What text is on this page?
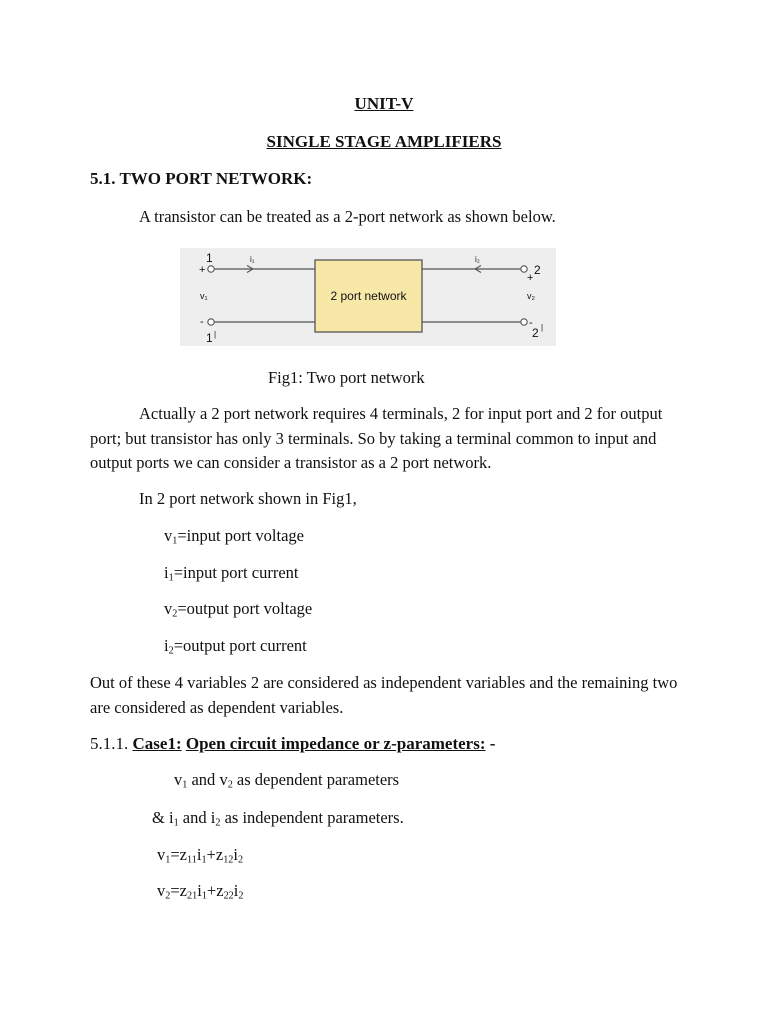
UNIT-V
SINGLE STAGE AMPLIFIERS
5.1. TWO PORT NETWORK:
A transistor can be treated as a 2-port network as shown below.
2 port network
1
+
v₁
-
1 |
i₁
2
+
v₂
-
2 |
i₂
Fig1: Two port network
Actually a 2 port network requires 4 terminals, 2 for input port and 2 for output port; but transistor has only 3 terminals. So by taking a terminal common to input and output ports we can consider a transistor as a 2 port network.
In 2 port network shown in Fig1,
$v_1=input$ port voltage
$i_1=input$ port current
$v_2=output$ port voltage
$i_2=output$ port current
Out of these 4 variables 2 are considered as independent variables and the remaining two are considered as dependent variables.
5.1.1. Case1: Open circuit impedance or z-parameters: -
$v_1$ and $v_2$ as dependent parameters
& $i_1$ and $i_2$ as independent parameters.
$v_1=z_{11}i_1+z_{12}i_2$
$v_2=z_{21}i_1+z_{22}i_2$
